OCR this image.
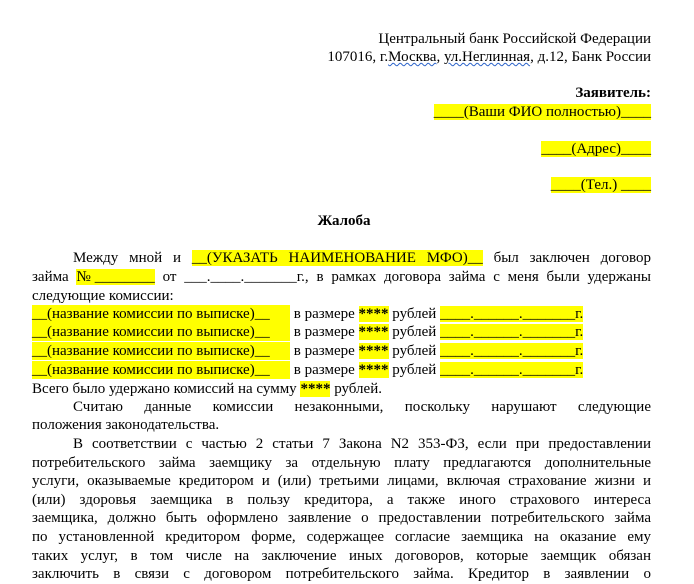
Центральный банк Российской Федерации
107016, г.Москва, ул.Неглинная, д.12, Банк России
Заявитель:
____(Ваши ФИО полностью)____
____(Адрес)____
____(Тел.) ____
Жалоба
Между мной и __(УКАЗАТЬ НАИМЕНОВАНИЕ МФО)__ был заключен договор
займа №________ от ___.____._______г., в рамках договора займа с меня были удержаны
следующие комиссии:
__(название комиссии по выписке)__ в размере **** рублей ____.______._______г.
__(название комиссии по выписке)__ в размере **** рублей ____.______._______г.
__(название комиссии по выписке)__ в размере **** рублей ____.______._______г.
__(название комиссии по выписке)__ в размере **** рублей ____.______._______г.
Всего было удержано комиссий на сумму **** рублей.
Считаю данные комиссии незаконными, поскольку нарушают следующие
положения законодательства.
В соответствии с частью 2 статьи 7 Закона N2 353-ФЗ, если при предоставлении
потребительского займа заемщику за отдельную плату предлагаются дополнительные
услуги, оказываемые кредитором и (или) третьими лицами, включая страхование жизни и
(или) здоровья заемщика в пользу кредитора, а также иного страхового интереса
заемщика, должно быть оформлено заявление о предоставлении потребительского займа
по установленной кредитором форме, содержащее согласие заемщика на оказание ему
таких услуг, в том числе на заключение иных договоров, которые заемщик обязан
заключить в связи с договором потребительского займа. Кредитор в заявлении о
